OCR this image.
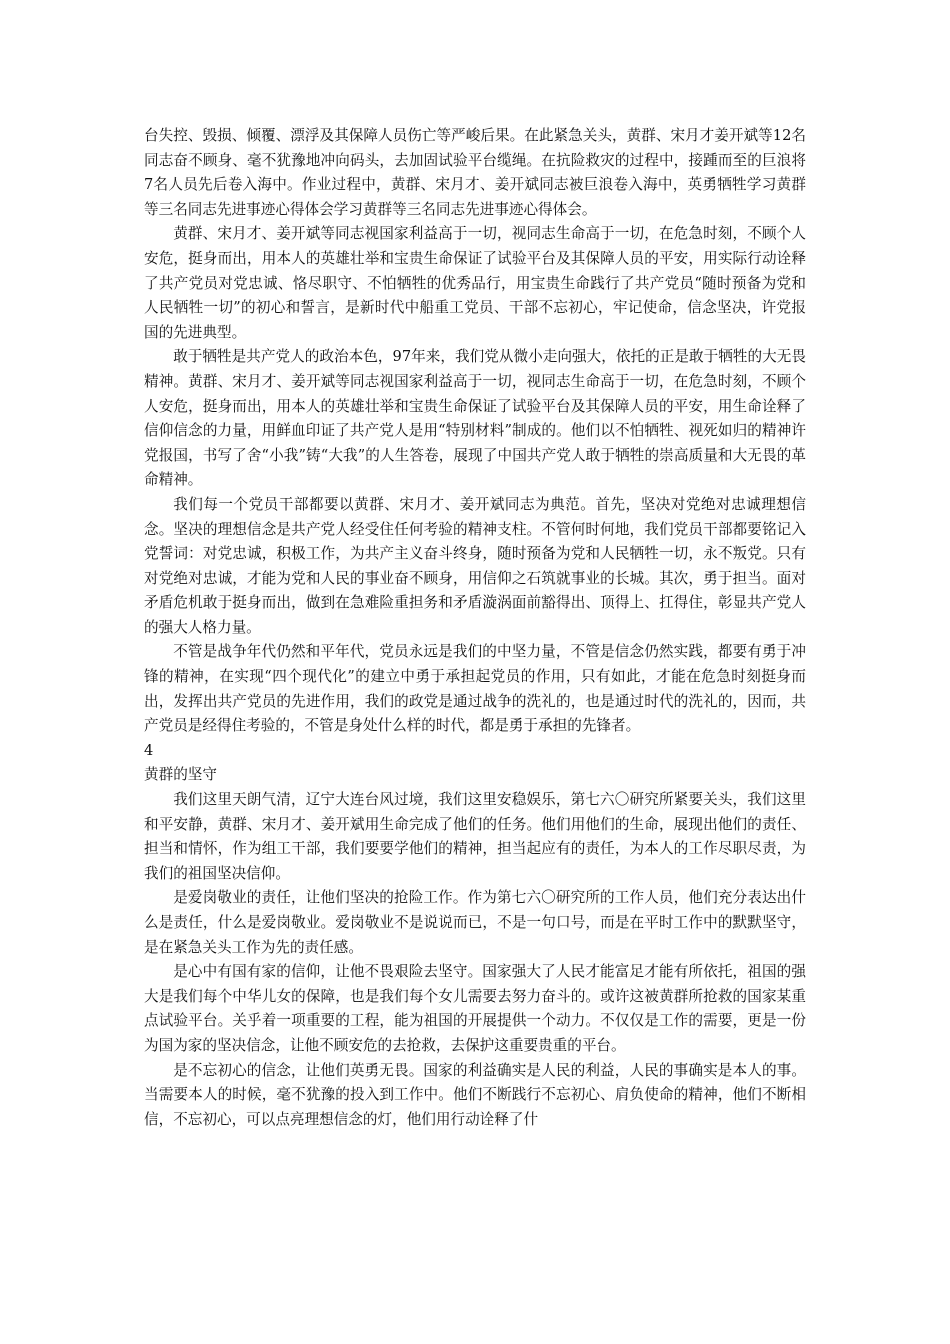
台失控、毁损、倾覆、漂浮及其保障人员伤亡等严峻后果。在此紧急关头，黄群、宋月才姜开斌等12名同志奋不顾身、毫不犹豫地冲向码头，去加固试验平台缆绳。在抗险救灾的过程中，接踵而至的巨浪将7名人员先后卷入海中。作业过程中，黄群、宋月才、姜开斌同志被巨浪卷入海中，英勇牺牲学习黄群等三名同志先进事迹心得体会学习黄群等三名同志先进事迹心得体会。

黄群、宋月才、姜开斌等同志视国家利益高于一切，视同志生命高于一切，在危急时刻，不顾个人安危，挺身而出，用本人的英雄壮举和宝贵生命保证了试验平台及其保障人员的平安，用实际行动诠释了共产党员对党忠诚、恪尽职守、不怕牺牲的优秀品行，用宝贵生命践行了共产党员“随时预备为党和人民牺牲一切”的初心和誓言，是新时代中船重工党员、干部不忘初心，牢记使命，信念坚决，许党报国的先进典型。

敢于牺牲是共产党人的政治本色，97年来，我们党从微小走向强大，依托的正是敢于牺牲的大无畏精神。黄群、宋月才、姜开斌等同志视国家利益高于一切，视同志生命高于一切，在危急时刻，不顾个人安危，挺身而出，用本人的英雄壮举和宝贵生命保证了试验平台及其保障人员的平安，用生命诠释了信仰信念的力量，用鲜血印证了共产党人是用“特别材料”制成的。他们以不怕牺牲、视死如归的精神许党报国，书写了舍“小我”铸“大我”的人生答卷，展现了中国共产党人敢于牺牲的崇高质量和大无畏的革命精神。

我们每一个党员干部都要以黄群、宋月才、姜开斌同志为典范。首先，坚决对党绝对忠诚理想信念。坚决的理想信念是共产党人经受住任何考验的精神支柱。不管何时何地，我们党员干部都要铭记入党誓词：对党忠诚，积极工作，为共产主义奋斗终身，随时预备为党和人民牺牲一切，永不叛党。只有对党绝对忠诚，才能为党和人民的事业奋不顾身，用信仰之石筑就事业的长城。其次，勇于担当。面对矛盾危机敢于挺身而出，做到在急难险重担务和矛盾漩涡面前豁得出、顶得上、扛得住，彰显共产党人的强大人格力量。

不管是战争年代仍然和平年代，党员永远是我们的中坚力量，不管是信念仍然实践，都要有勇于冲锋的精神，在实现“四个现代化”的建立中勇于承担起党员的作用，只有如此，才能在危急时刻挺身而出，发挥出共产党员的先进作用，我们的政党是通过战争的洗礼的，也是通过时代的洗礼的，因而，共产党员是经得住考验的，不管是身处什么样的时代，都是勇于承担的先锋者。

4

黄群的坚守

我们这里天朗气清，辽宁大连台风过境，我们这里安稳娱乐，第七六〇研究所紧要关头，我们这里和平安静，黄群、宋月才、姜开斌用生命完成了他们的任务。他们用他们的生命，展现出他们的责任、担当和情怀，作为组工干部，我们要要学他们的精神，担当起应有的责任，为本人的工作尽职尽责，为我们的祖国坚决信仰。

是爱岗敬业的责任，让他们坚决的抢险工作。作为第七六〇研究所的工作人员，他们充分表达出什么是责任，什么是爱岗敬业。爱岗敬业不是说说而已，不是一句口号，而是在平时工作中的默默坚守，是在紧急关头工作为先的责任感。

是心中有国有家的信仰，让他不畏艰险去坚守。国家强大了人民才能富足才能有所依托，祖国的强大是我们每个中华儿女的保障，也是我们每个女儿需要去努力奋斗的。或许这被黄群所抢救的国家某重点试验平台。关乎着一项重要的工程，能为祖国的开展提供一个动力。不仅仅是工作的需要，更是一份为国为家的坚决信念，让他不顾安危的去抢救，去保护这重要贵重的平台。

是不忘初心的信念，让他们英勇无畏。国家的利益确实是人民的利益，人民的事确实是本人的事。当需要本人的时候，毫不犹豫的投入到工作中。他们不断践行不忘初心、肩负使命的精神，他们不断相信，不忘初心，可以点亮理想信念的灯，他们用行动诠释了什
